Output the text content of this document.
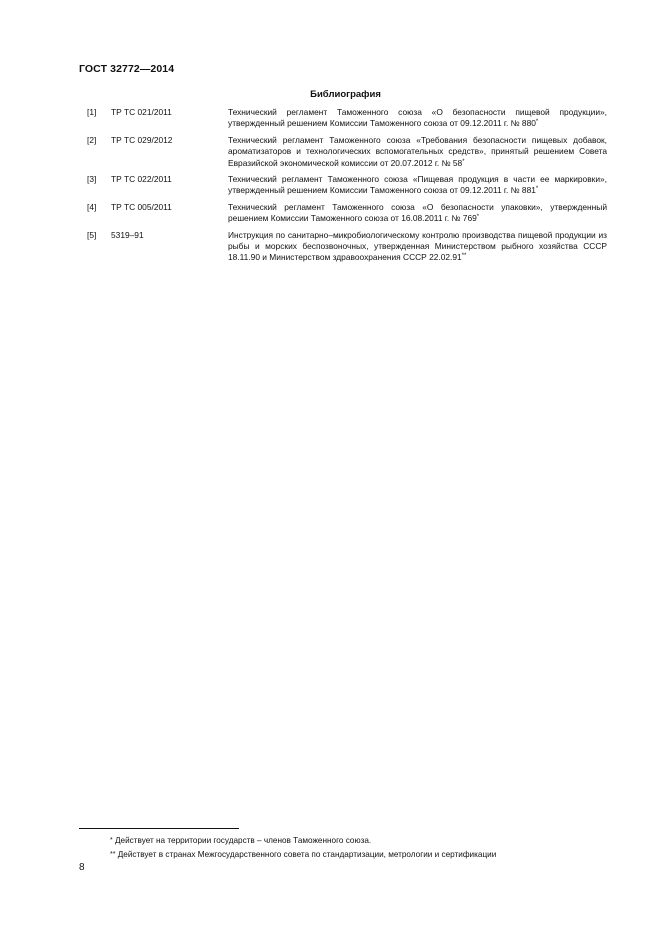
ГОСТ 32772—2014
Библиография
[1] ТР ТС 021/2011	Технический регламент Таможенного союза «О безопасности пищевой продукции», утвержденный решением Комиссии Таможенного союза от 09.12.2011 г. № 880*
[2] ТР ТС 029/2012	Технический регламент Таможенного союза «Требования безопасности пищевых добавок, ароматизаторов и технологических вспомогательных средств», принятый решением Совета Евразийской экономической комиссии от 20.07.2012 г. № 58*
[3] ТР ТС 022/2011	Технический регламент Таможенного союза «Пищевая продукция в части ее маркировки», утвержденный решением Комиссии Таможенного союза от 09.12.2011 г. № 881*
[4] ТР ТС 005/2011	Технический регламент Таможенного союза «О безопасности упаковки», утвержденный решением Комиссии Таможенного союза от 16.08.2011 г. № 769*
[5] 5319–91	Инструкция по санитарно–микробиологическому контролю производства пищевой продукции из рыбы и морских беспозвоночных, утвержденная Министерством рыбного хозяйства СССР 18.11.90 и Министерством здравоохранения СССР 22.02.91**
* Действует на территории государств – членов Таможенного союза.
** Действует в странах Межгосударственного совета по стандартизации, метрологии и сертификации
8
